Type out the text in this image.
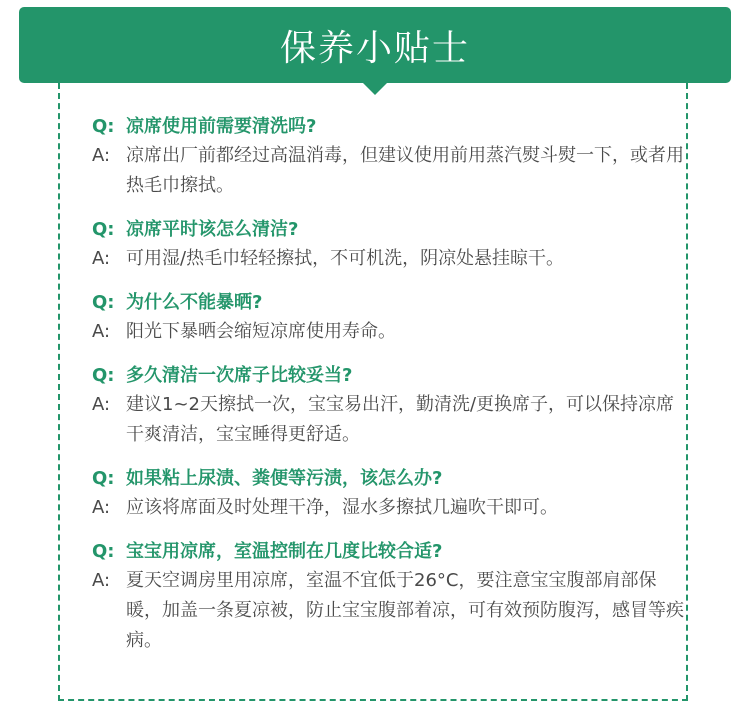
保养小贴士
Q: 凉席使用前需要清洗吗?
A: 凉席出厂前都经过高温消毒，但建议使用前用蒸汽熨斗熨一下，或者用热毛巾擦拭。
Q: 凉席平时该怎么清洁?
A: 可用湿/热毛巾轻轻擦拭，不可机洗，阴凉处悬挂晾干。
Q: 为什么不能暴晒?
A: 阳光下暴晒会缩短凉席使用寿命。
Q: 多久清洁一次席子比较妥当?
A: 建议1~2天擦拭一次，宝宝易出汗，勤清洗/更换席子，可以保持凉席干爽清洁，宝宝睡得更舒适。
Q: 如果粘上尿渍、粪便等污渍，该怎么办?
A: 应该将席面及时处理干净，湿水多擦拭几遍吹干即可。
Q: 宝宝用凉席，室温控制在几度比较合适?
A: 夏天空调房里用凉席，室温不宜低于26°C，要注意宝宝腹部肩部保暖，加盖一条夏凉被，防止宝宝腹部着凉，可有效预防腹泻，感冒等疾病。
